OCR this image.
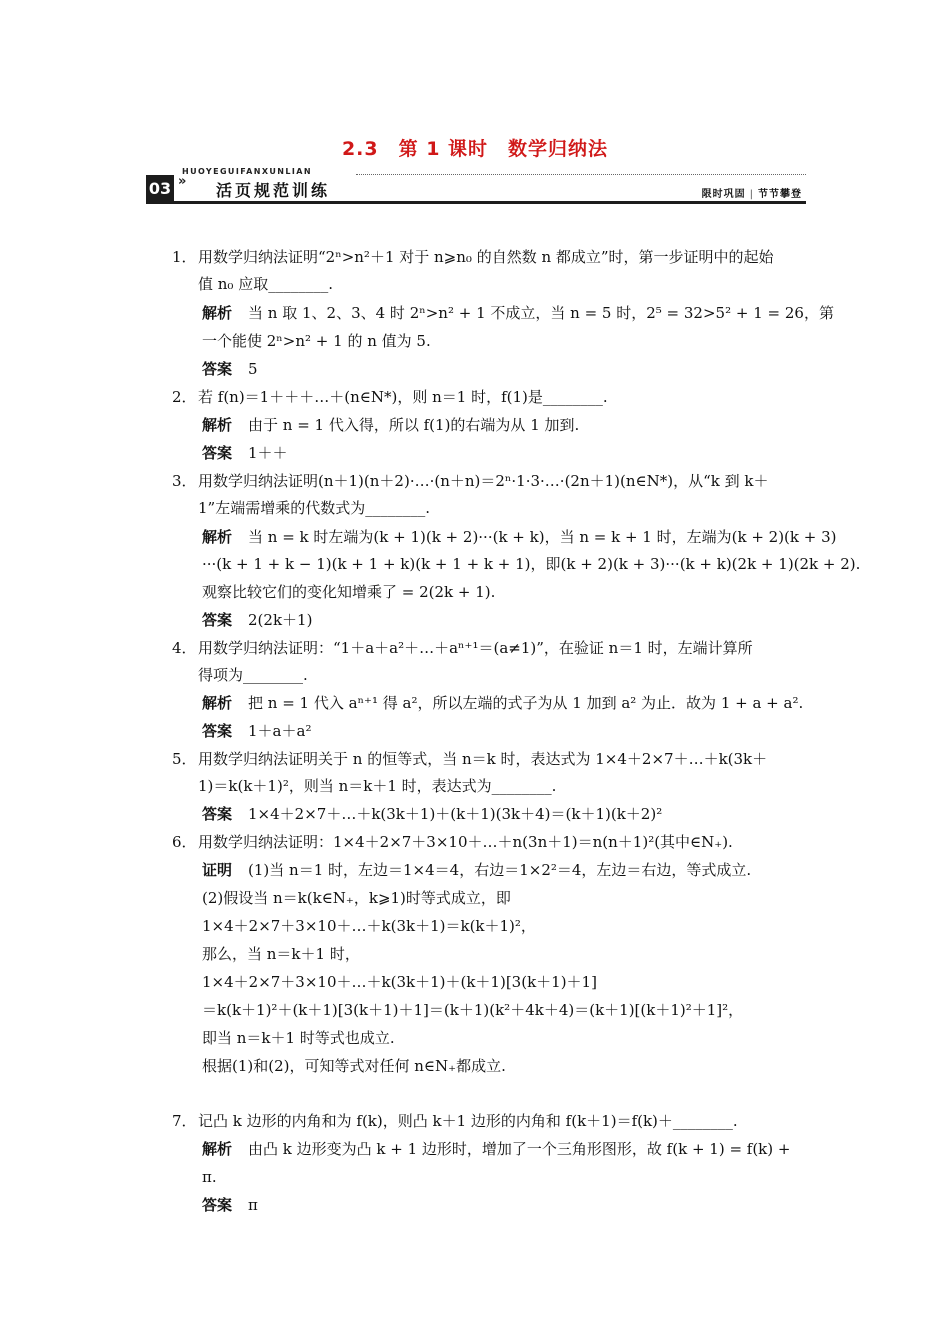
2.3　第 1 课时　数学归纳法
HUOYEGUIFANXUNLIAN
03 » 活页规范训练	限时巩固 | 节节攀登
1． 用数学归纳法证明“2ⁿ>n²＋1 对于 n⩾n₀ 的自然数 n 都成立”时，第一步证明中的起始
值 n₀ 应取________.
解析 当 n 取 1、2、3、4 时 2ⁿ>n² + 1 不成立，当 n = 5 时，2⁵ = 32>5² + 1 = 26，第
一个能使 2ⁿ>n² + 1 的 n 值为 5.
答案 5
2． 若 f(n)＝1＋＋＋…＋(n∈N*)，则 n＝1 时，f(1)是________.
解析 由于 n = 1 代入得，所以 f(1)的右端为从 1 加到.
答案 1＋＋
3． 用数学归纳法证明(n＋1)(n＋2)·…·(n＋n)＝2ⁿ·1·3·…·(2n＋1)(n∈N*)，从“k 到 k＋
1”左端需增乘的代数式为________.
解析 当 n = k 时左端为(k + 1)(k + 2)···(k + k)，当 n = k + 1 时，左端为(k + 2)(k + 3)
···(k + 1 + k − 1)(k + 1 + k)(k + 1 + k + 1)，即(k + 2)(k + 3)···(k + k)(2k + 1)(2k + 2).
观察比较它们的变化知增乘了 = 2(2k + 1).
答案 2(2k＋1)
4． 用数学归纳法证明：“1＋a＋a²＋…＋aⁿ⁺¹＝(a≠1)”，在验证 n＝1 时，左端计算所
得项为________.
解析 把 n = 1 代入 aⁿ⁺¹ 得 a²，所以左端的式子为从 1 加到 a² 为止．故为 1 + a + a².
答案 1＋a＋a²
5． 用数学归纳法证明关于 n 的恒等式，当 n＝k 时，表达式为 1×4＋2×7＋…＋k(3k＋
1)＝k(k＋1)²，则当 n＝k＋1 时，表达式为________.
答案 1×4＋2×7＋…＋k(3k＋1)＋(k＋1)(3k＋4)＝(k＋1)(k＋2)²
6． 用数学归纳法证明：1×4＋2×7＋3×10＋…＋n(3n＋1)＝n(n＋1)²(其中∈N₊).
证明 (1)当 n＝1 时，左边＝1×4＝4，右边＝1×2²＝4，左边＝右边，等式成立.
(2)假设当 n＝k(k∈N₊，k⩾1)时等式成立，即
1×4＋2×7＋3×10＋…＋k(3k＋1)＝k(k＋1)²，
那么，当 n＝k＋1 时，
1×4＋2×7＋3×10＋…＋k(3k＋1)＋(k＋1)[3(k＋1)＋1]
＝k(k＋1)²＋(k＋1)[3(k＋1)＋1]＝(k＋1)(k²＋4k＋4)＝(k＋1)[(k＋1)²＋1]²，
即当 n＝k＋1 时等式也成立.
根据(1)和(2)，可知等式对任何 n∈N₊都成立.
7． 记凸 k 边形的内角和为 f(k)，则凸 k＋1 边形的内角和 f(k＋1)＝f(k)＋________.
解析 由凸 k 边形变为凸 k + 1 边形时，增加了一个三角形图形，故 f(k + 1) = f(k) +
π.
答案 π
